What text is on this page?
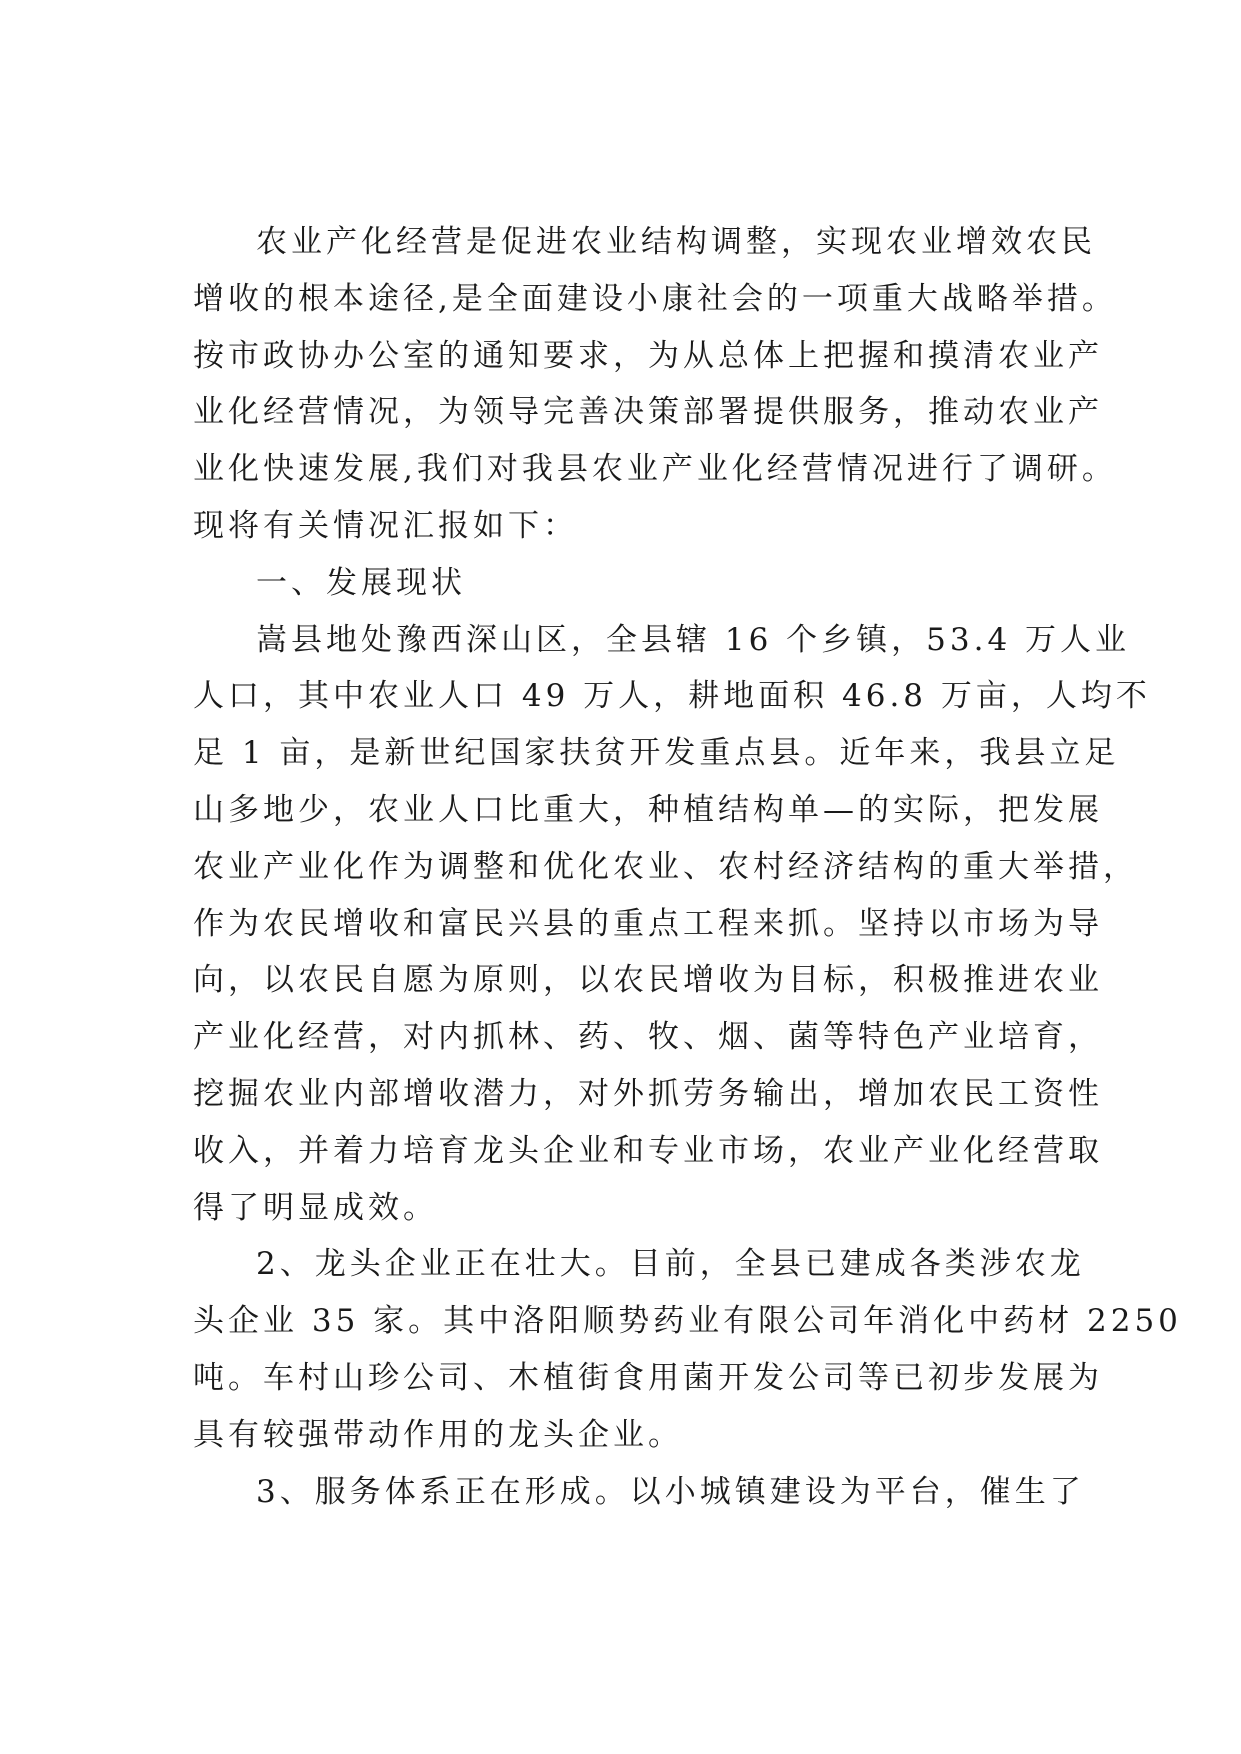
农业产化经营是促进农业结构调整，实现农业增效农民

增收的根本途径,是全面建设小康社会的一项重大战略举措。

按市政协办公室的通知要求，为从总体上把握和摸清农业产

业化经营情况，为领导完善决策部署提供服务，推动农业产

业化快速发展,我们对我县农业产业化经营情况进行了调研。

现将有关情况汇报如下：

一、发展现状

嵩县地处豫西深山区，全县辖 16 个乡镇，53.4 万人业

人口，其中农业人口 49 万人，耕地面积 46.8 万亩，人均不

足 1 亩，是新世纪国家扶贫开发重点县。近年来，我县立足

山多地少，农业人口比重大，种植结构单—的实际，把发展

农业产业化作为调整和优化农业、农村经济结构的重大举措，

作为农民增收和富民兴县的重点工程来抓。坚持以市场为导

向，以农民自愿为原则，以农民增收为目标，积极推进农业

产业化经营，对内抓林、药、牧、烟、菌等特色产业培育，

挖掘农业内部增收潜力，对外抓劳务输出，增加农民工资性

收入，并着力培育龙头企业和专业市场，农业产业化经营取

得了明显成效。

2、龙头企业正在壮大。目前，全县已建成各类涉农龙

头企业 35 家。其中洛阳顺势药业有限公司年消化中药材 2250

吨。车村山珍公司、木植街食用菌开发公司等已初步发展为

具有较强带动作用的龙头企业。

3、服务体系正在形成。以小城镇建设为平台，催生了
